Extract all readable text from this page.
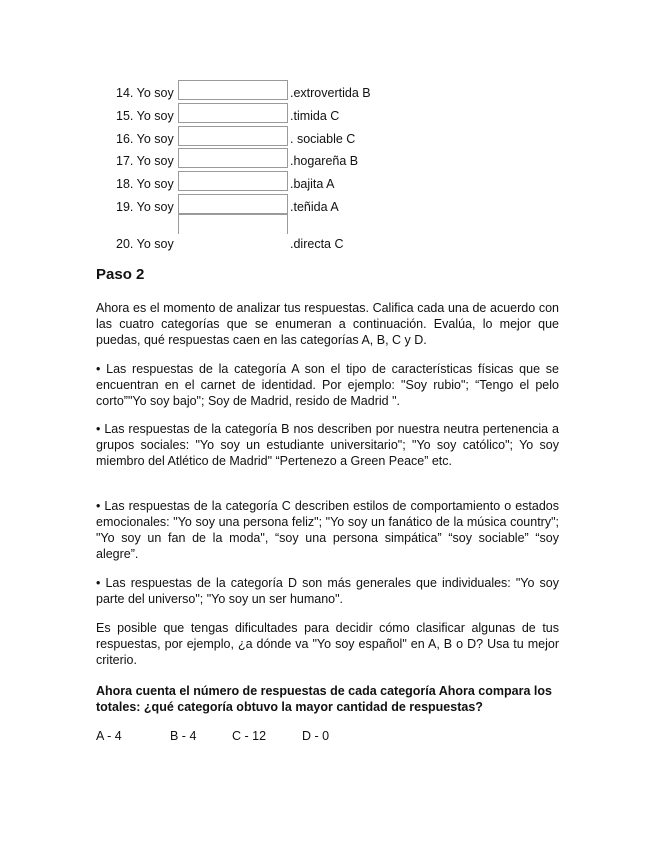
14. Yo soy	.extrovertida B
15. Yo soy	.timida C
16. Yo soy	. sociable C
17. Yo soy	.hogareña B
18. Yo soy	.bajita A
19. Yo soy	.teñida A
20. Yo soy	.directa C
Paso 2

Ahora es el momento de analizar tus respuestas. Califica cada una de acuerdo con las cuatro categorías que se enumeran a continuación. Evalúa, lo mejor que puedas, qué respuestas caen en las categorías A, B, C y D.

• Las respuestas de la categoría A son el tipo de características físicas que se encuentran en el carnet de identidad. Por ejemplo: "Soy rubio"; “Tengo el pelo corto”"Yo soy bajo"; Soy de Madrid, resido de Madrid ".

• Las respuestas de la categoría B nos describen por nuestra neutra pertenencia a grupos sociales: "Yo soy un estudiante universitario"; "Yo soy católico"; Yo soy miembro del Atlético de Madrid" “Pertenezo a Green Peace” etc.

• Las respuestas de la categoría C describen estilos de comportamiento o estados emocionales: "Yo soy una persona feliz"; "Yo soy un fanático de la música country"; "Yo soy un fan de la moda", “soy una persona simpática” “soy sociable” “soy alegre”.

• Las respuestas de la categoría D son más generales que individuales: "Yo soy parte del universo"; "Yo soy un ser humano".

Es posible que tengas dificultades para decidir cómo clasificar algunas de tus respuestas, por ejemplo, ¿a dónde va "Yo soy español" en A, B o D? Usa tu mejor criterio.

Ahora cuenta el número de respuestas de cada categoría Ahora compara los totales: ¿qué categoría obtuvo la mayor cantidad de respuestas?

A - 4	B - 4	C - 12	D - 0
